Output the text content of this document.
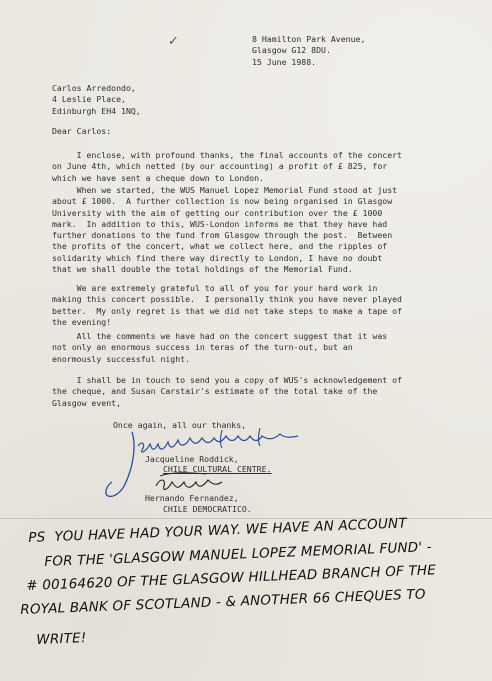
✓	8 Hamilton Park Avenue,
Glasgow G12 8DU.
15 June 1988.
Carlos Arredondo,
4 Leslie Place,
Edinburgh EH4 1NQ,
Dear Carlos:
I enclose, with profound thanks, the final accounts of the concert
on June 4th, which netted (by our accounting) a profit of £ 825, for
which we have sent a cheque down to London.
When we started, the WUS Manuel Lopez Memorial Fund stood at just
about £ 1000.  A further collection is now being organised in Glasgow
University with the aim of getting our contribution over the £ 1000
mark.  In addition to this, WUS-London informs me that they have had
further donations to the fund from Glasgow through the post.  Between
the profits of the concert, what we collect here, and the ripples of
solidarity which find there way directly to London, I have no doubt
that we shall double the total holdings of the Memorial Fund.
We are extremely grateful to all of you for your hard work in
making this concert possible.  I personally think you have never played
better.  My only regret is that we did not take steps to make a tape of
the evening!
All the comments we have had on the concert suggest that it was
not only an enormous success in teras of the turn-out, but an
enormously successful night.
I shall be in touch to send you a copy of WUS's acknowledgement of
the cheque, and Susan Carstair's estimate of the total take of the
Glasgow event,
Once again, all our thanks,
Jacqueline Roddick,
CHILE CULTURAL CENTRE.
Hernando Fernandez,
CHILE DEMOCRATICO.
PS  YOU HAVE HAD YOUR WAY. WE HAVE AN ACCOUNT
FOR THE 'GLASGOW MANUEL LOPEZ MEMORIAL FUND' -
# 00164620 OF THE GLASGOW HILLHEAD BRANCH OF THE
ROYAL BANK OF SCOTLAND - & ANOTHER 66 CHEQUES TO
WRITE!
